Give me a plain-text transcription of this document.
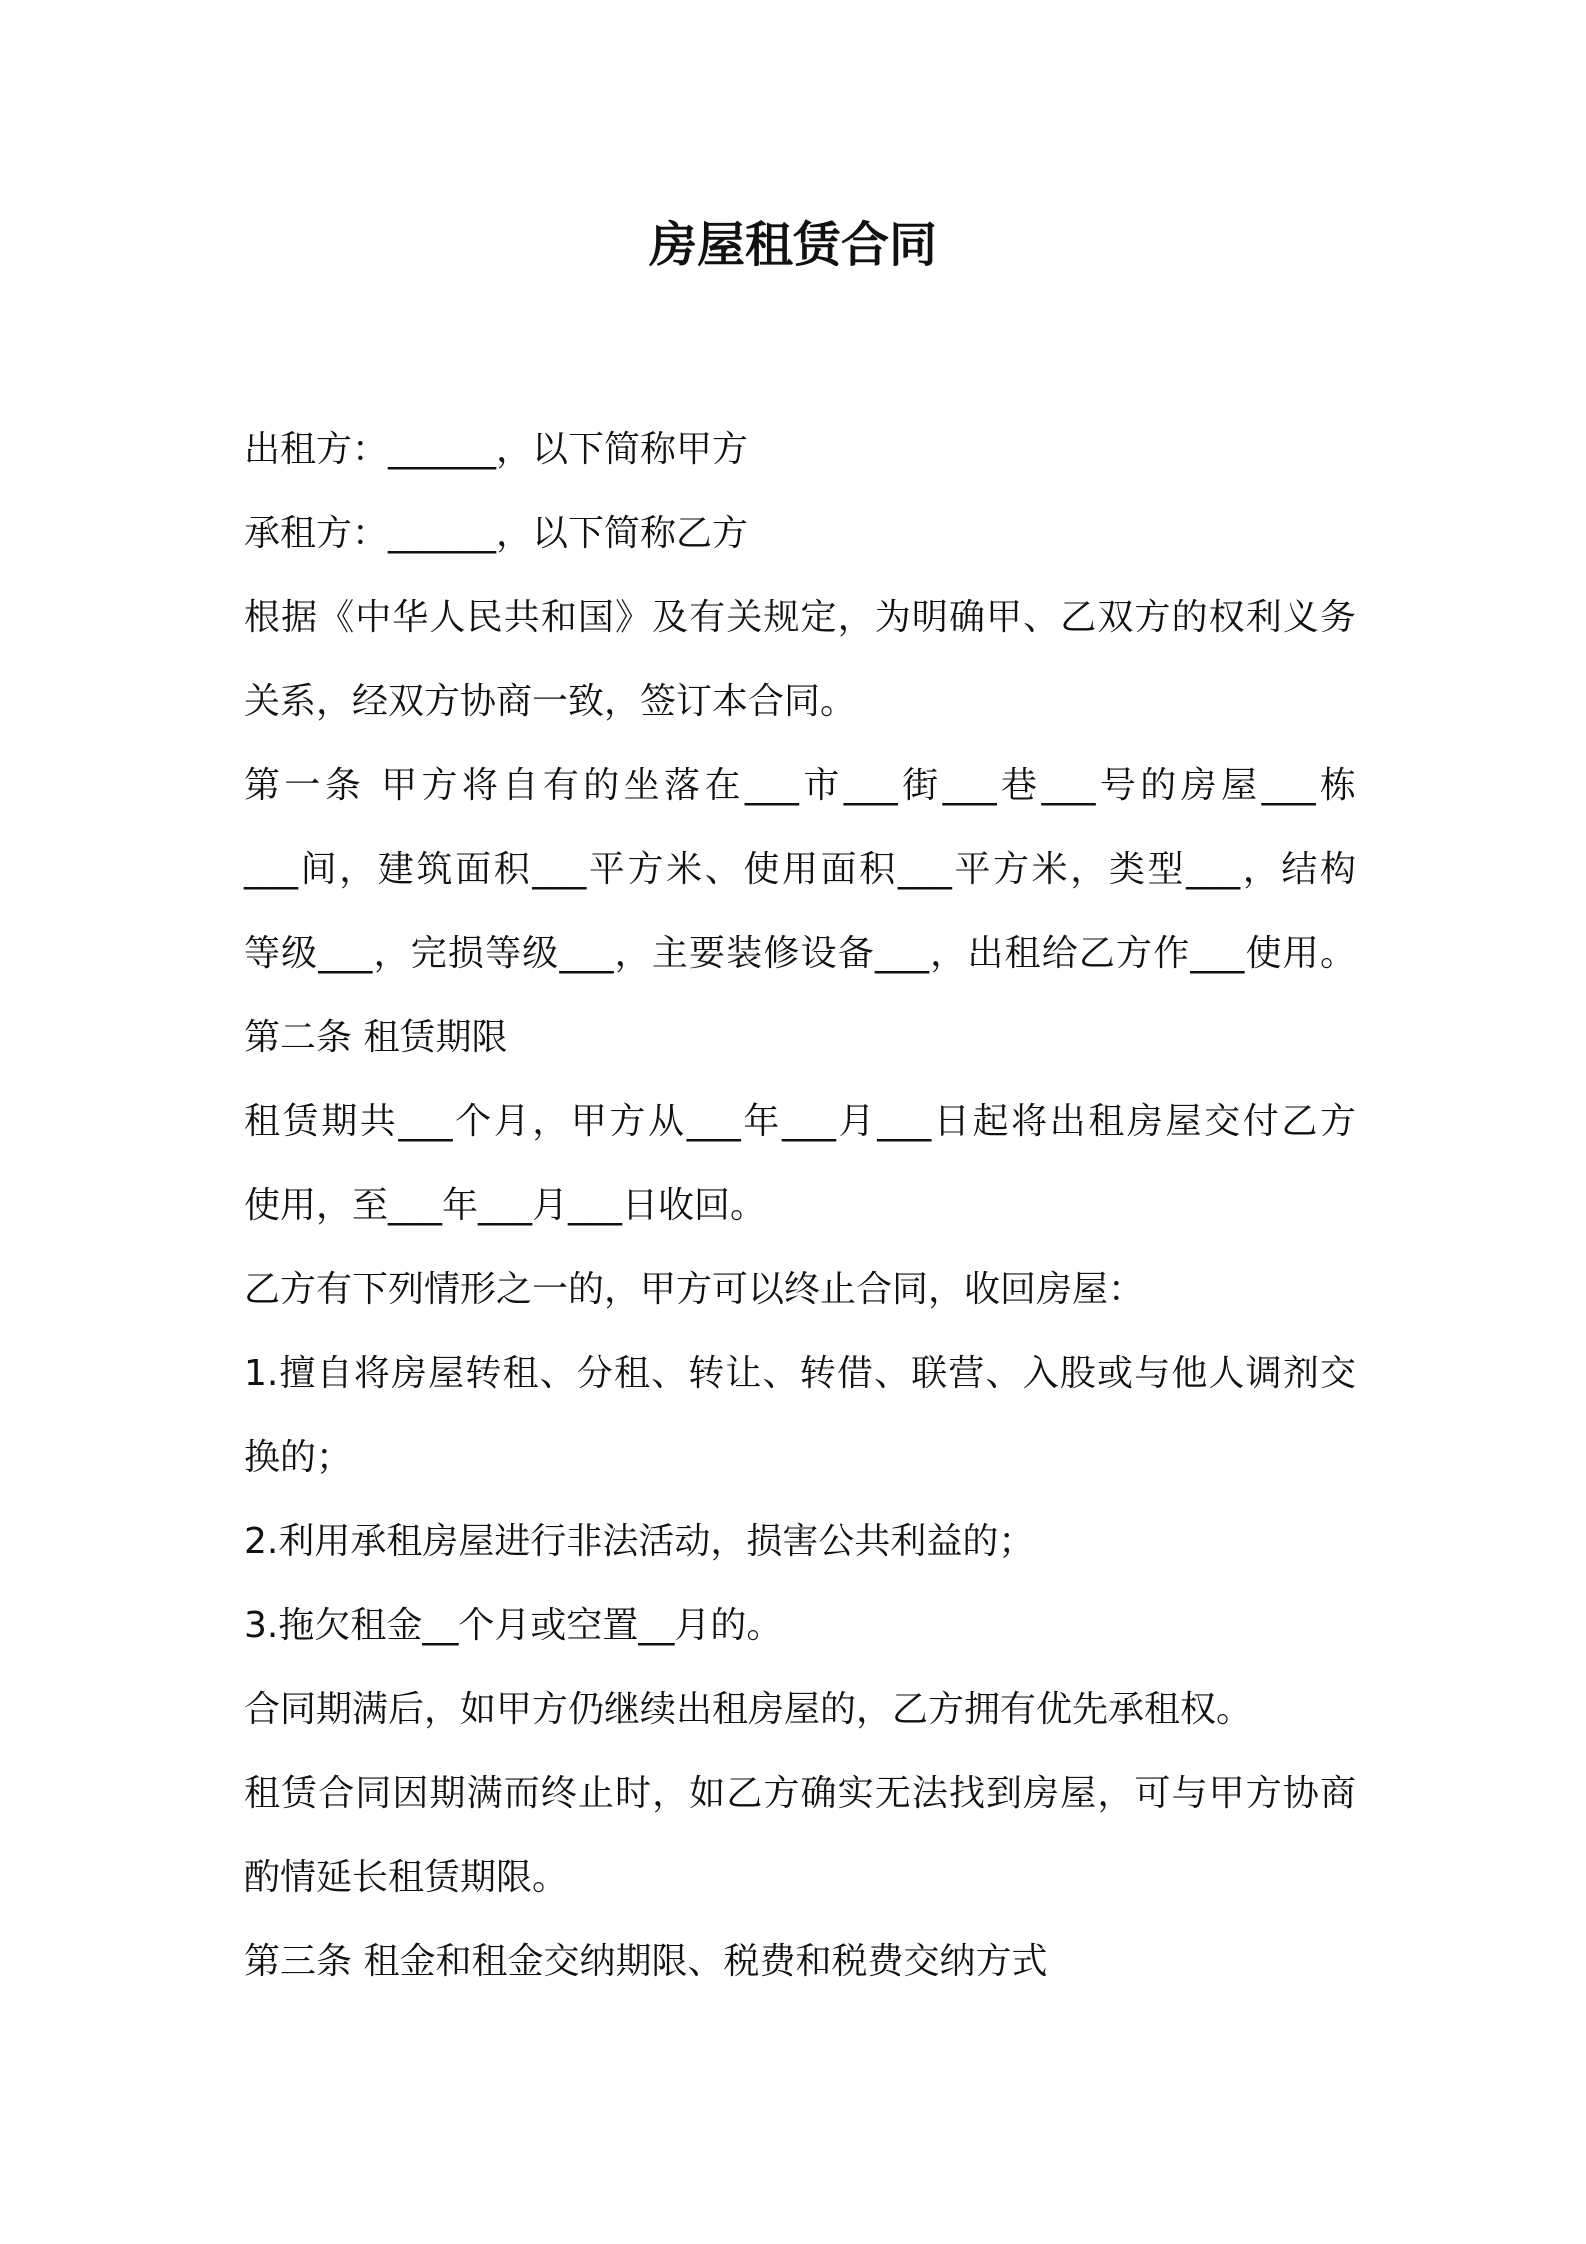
房屋租赁合同
出租方：______，以下简称甲方
承租方：______，以下简称乙方
根据《中华人民共和国》及有关规定，为明确甲、乙双方的权利义务
关系，经双方协商一致，签订本合同。
第一条 甲方将自有的坐落在___市___街___巷___号的房屋___栋
___间，建筑面积___平方米、使用面积___平方米，类型___，结构
等级___，完损等级___，主要装修设备___，出租给乙方作___使用。
第二条 租赁期限
租赁期共___个月，甲方从___年___月___日起将出租房屋交付乙方
使用，至___年___月___日收回。
乙方有下列情形之一的，甲方可以终止合同，收回房屋：
1.擅自将房屋转租、分租、转让、转借、联营、入股或与他人调剂交
换的；
2.利用承租房屋进行非法活动，损害公共利益的；
3.拖欠租金__个月或空置__月的。
合同期满后，如甲方仍继续出租房屋的，乙方拥有优先承租权。
租赁合同因期满而终止时，如乙方确实无法找到房屋，可与甲方协商
酌情延长租赁期限。
第三条 租金和租金交纳期限、税费和税费交纳方式
